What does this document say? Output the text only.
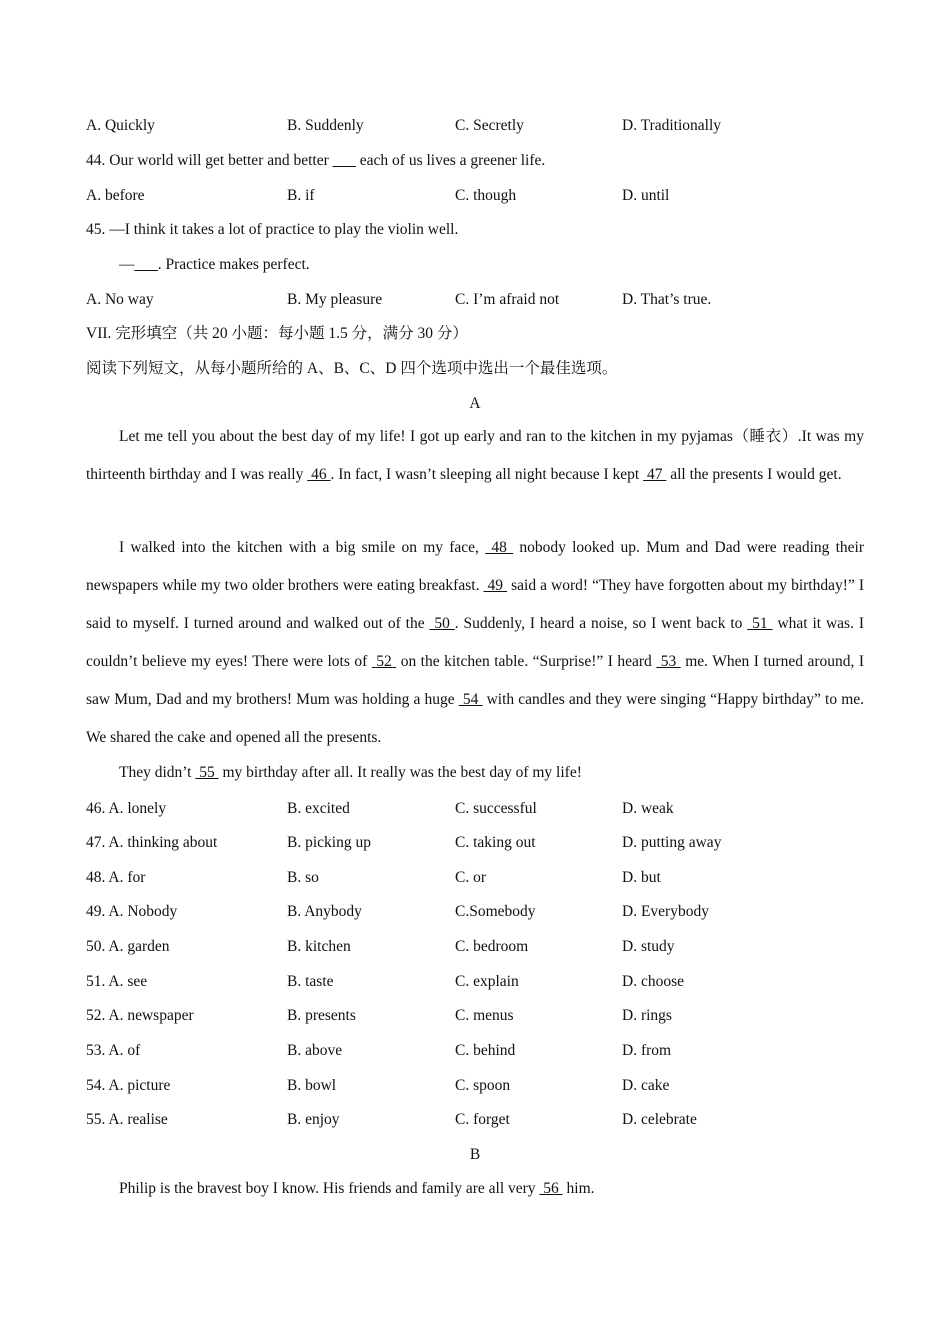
A. Quickly	B. Suddenly	C. Secretly	D. Traditionally
44. Our world will get better and better ___ each of us lives a greener life.
A. before	B. if	C. though	D. until
45. —I think it takes a lot of practice to play the violin well.
—___. Practice makes perfect.
A. No way	B. My pleasure	C. I’m afraid not	D. That’s true.
VII. 完形填空（共 20 小题：每小题 1.5 分，满分 30 分）
阅读下列短文，从每小题所给的 A、B、C、D 四个选项中选出一个最佳选项。
A
Let me tell you about the best day of my life! I got up early and ran to the kitchen in my pyjamas（睡衣）.It was my thirteenth birthday and I was really  46 . In fact, I wasn’t sleeping all night because I kept  47  all the presents I would get.
I walked into the kitchen with a big smile on my face,  48  nobody looked up. Mum and Dad were reading their newspapers while my two older brothers were eating breakfast.  49  said a word! “They have forgotten about my birthday!” I said to myself. I turned around and walked out of the  50 . Suddenly, I heard a noise, so I went back to  51  what it was. I couldn’t believe my eyes! There were lots of  52  on the kitchen table. “Surprise!” I heard  53  me. When I turned around, I saw Mum, Dad and my brothers! Mum was holding a huge  54  with candles and they were singing “Happy birthday” to me. We shared the cake and opened all the presents.
They didn’t  55  my birthday after all. It really was the best day of my life!
46. A. lonely	B. excited	C. successful	D. weak
47. A. thinking about	B. picking up	C. taking out	D. putting away
48. A. for	B. so	C. or	D. but
49. A. Nobody	B. Anybody	C.Somebody	D. Everybody
50. A. garden	B. kitchen	C. bedroom	D. study
51. A. see	B. taste	C. explain	D. choose
52. A. newspaper	B. presents	C. menus	D. rings
53. A. of	B. above	C. behind	D. from
54. A. picture	B. bowl	C. spoon	D. cake
55. A. realise	B. enjoy	C. forget	D. celebrate
B
Philip is the bravest boy I know. His friends and family are all very  56  him.
